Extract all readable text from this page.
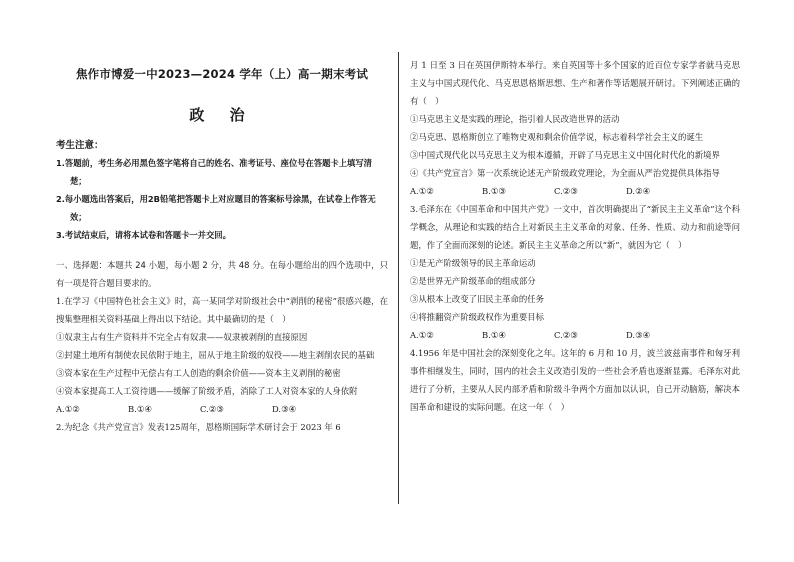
焦作市博爱一中2023—2024 学年（上）高一期末考试
政 治
考生注意：
1.答题前，考生务必用黑色签字笔将自己的姓名、准考证号、座位号在答题卡上填写清楚；
2.每小题选出答案后，用2B铅笔把答题卡上对应题目的答案标号涂黑，在试卷上作答无效；
3.考试结束后，请将本试卷和答题卡一并交回。

一、选择题：本题共 24 小题，每小题 2 分，共 48 分。在每小题给出的四个选项中，只有一项是符合题目要求的。

1.在学习《中国特色社会主义》时，高一某同学对阶级社会中“剥削的秘密”很感兴趣，在搜集整理相关资料基础上得出以下结论。其中最确切的是（　）

①奴隶主占有生产资料并不完全占有奴隶——奴隶被剥削的直接原因

②封建土地所有制使农民依附于地主，屈从于地主阶级的奴役——地主剥削农民的基础

③资本家在生产过程中无偿占有工人创造的剩余价值——资本主义剥削的秘密

④资本家提高工人工资待遇——缓解了阶级矛盾，消除了工人对资本家的人身依附

A.①②	B.①④	C.②③	D.③④

2.为纪念《共产党宣言》发表125周年，恩格斯国际学术研讨会于 2023 年 6

月 1 日至 3 日在英国伊斯特本举行。来自英国等十多个国家的近百位专家学者就马克思主义与中国式现代化、马克思恩格斯思想、生产和著作等话题展开研讨。下列阐述正确的有（　）

①马克思主义是实践的理论，指引着人民改造世界的活动

②马克思、恩格斯创立了唯物史观和剩余价值学说，标志着科学社会主义的诞生

③中国式现代化以马克思主义为根本遵循，开辟了马克思主义中国化时代化的新境界

④《共产党宣言》第一次系统论述无产阶级政党理论，为全面从严治党提供具体指导

A.①②	B.①③	C.②③	D.②④

3.毛泽东在《中国革命和中国共产党》一文中，首次明确提出了“新民主主义革命”这个科学概念，从理论和实践的结合上对新民主主义革命的对象、任务、性质、动力和前途等问题，作了全面而深刻的论述。新民主主义革命之所以“新”，就因为它（　）

①是无产阶级领导的民主革命运动

②是世界无产阶级革命的组成部分

③从根本上改变了旧民主革命的任务

④将推翻资产阶级政权作为重要目标

A.①②	B.①④	C.②③	D.③④

4.1956 年是中国社会的深刻变化之年。这年的 6 月和 10 月，波兰波兹南事件和匈牙利事件相继发生，同时，国内的社会主义改造引发的一些社会矛盾也逐渐显露。毛泽东对此进行了分析，主要从人民内部矛盾和阶级斗争两个方面加以认识，自己开动脑筋，解决本国革命和建设的实际问题。在这一年（　）
